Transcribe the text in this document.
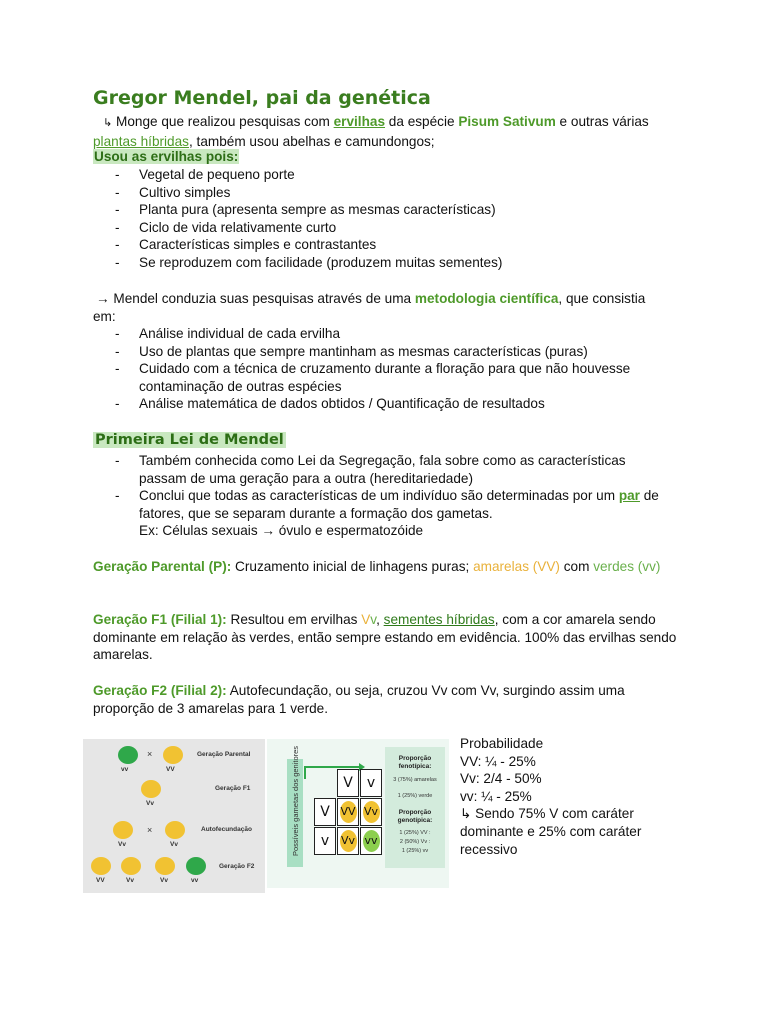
Gregor Mendel, pai da genética
↳ Monge que realizou pesquisas com ervilhas da espécie Pisum Sativum e outras várias
plantas híbridas, também usou abelhas e camundongos;
Usou as ervilhas pois:
- Vegetal de pequeno porte
- Cultivo simples
- Planta pura (apresenta sempre as mesmas características)
- Ciclo de vida relativamente curto
- Características simples e contrastantes
- Se reproduzem com facilidade (produzem muitas sementes)
→ Mendel conduzia suas pesquisas através de uma metodologia científica, que consistia em:
- Análise individual de cada ervilha
- Uso de plantas que sempre mantinham as mesmas características (puras)
- Cuidado com a técnica de cruzamento durante a floração para que não houvesse contaminação de outras espécies
- Análise matemática de dados obtidos / Quantificação de resultados
Primeira Lei de Mendel
- Também conhecida como Lei da Segregação, fala sobre como as características passam de uma geração para a outra (hereditariedade)
- Conclui que todas as características de um indivíduo são determinadas por um par de fatores, que se separam durante a formação dos gametas.
Ex: Células sexuais → óvulo e espermatozóide
Geração Parental (P): Cruzamento inicial de linhagens puras; amarelas (VV) com verdes (vv)
Geração F1 (Filial 1): Resultou em ervilhas Vv, sementes híbridas, com a cor amarela sendo dominante em relação às verdes, então sempre estando em evidência. 100% das ervilhas sendo amarelas.
Geração F2 (Filial 2): Autofecundação, ou seja, cruzou Vv com Vv, surgindo assim uma proporção de 3 amarelas para 1 verde.
vv
×
VV
Geração Parental
Vv
Geração F1
Vv
×
Vv
Autofecundação
VV	Vv	Vv	vv
Geração F2
Possíveis gametas dos genitores	V	v
V VV Vv
v	Vv vv
Proporção fenotípica:
3 (75%) amarelas
1 (25%) verde
Proporção genotípica:
1 (25%) VV :
2 (50%) Vv :
1 (25%) vv
Probabilidade
VV: ¼ - 25%
Vv: 2/4 - 50%
vv: ¼ - 25%
↳ Sendo 75% V com caráter dominante e 25% com caráter recessivo
